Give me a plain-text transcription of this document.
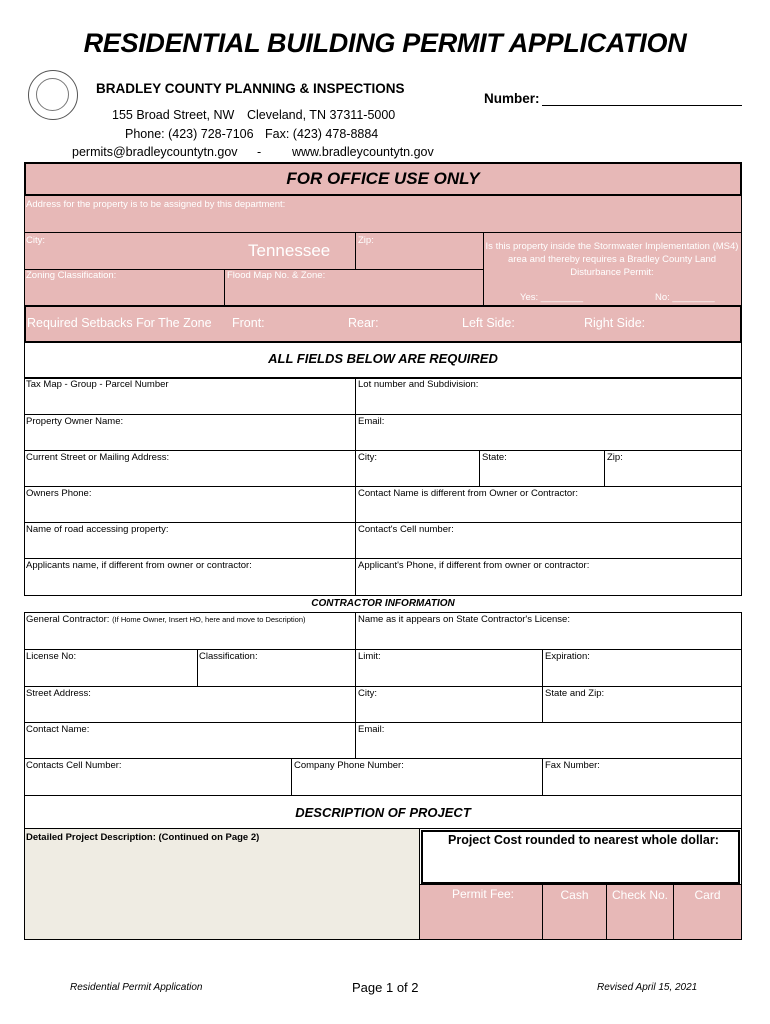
RESIDENTIAL BUILDING PERMIT APPLICATION
BRADLEY COUNTY PLANNING & INSPECTIONS
Number:
155 Broad Street, NW Cleveland, TN 37311-5000
Phone: (423) 728-7106 Fax: (423) 478-8884
permits@bradleycountytn.gov - www.bradleycountytn.gov
FOR OFFICE USE ONLY
Address for the property is to be assigned by this department:
City:
Tennessee
Zip:
Is this property inside the Stormwater Implementation (MS4) area and thereby requires a Bradley County Land Disturbance Permit:
Zoning Classification:	Flood Map No. & Zone:
Yes: ________	No: ________
Required Setbacks For The Zone Front:	Rear:	Left Side:	Right Side:
ALL FIELDS BELOW ARE REQUIRED
Tax Map - Group - Parcel Number	Lot number and Subdivision:
Property Owner Name:	Email:
Current Street or Mailing Address:	City:	State:	Zip:
Owners Phone:	Contact Name is different from Owner or Contractor:
Name of road accessing property:	Contact's Cell number:
Applicants name, if different from owner or contractor:	Applicant's Phone, if different from owner or contractor:
CONTRACTOR INFORMATION
General Contractor: (If Home Owner, Insert HO, here and move to Description)	Name as it appears on State Contractor's License:
License No:	Classification:	Limit:	Expiration:
Street Address:	City:	State and Zip:
Contact Name:	Email:
Contacts Cell Number:	Company Phone Number:	Fax Number:
DESCRIPTION OF PROJECT
Detailed Project Description: (Continued on Page 2)	Project Cost rounded to nearest whole dollar:
Permit Fee:	Cash	Check No.	Card
Residential Permit Application	Page 1 of 2	Revised April 15, 2021
